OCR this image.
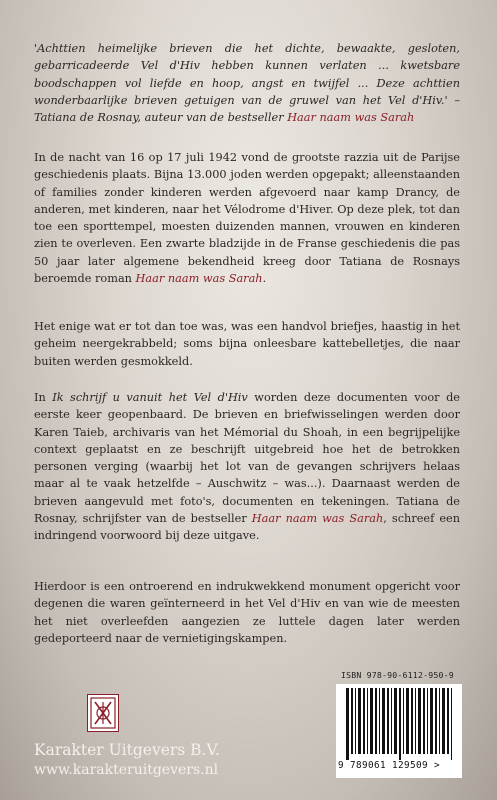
'Achttien heimelijke brieven die het dichte, bewaakte, gesloten, gebarricadeerde Vel d'Hiv hebben kunnen verlaten ... kwetsbare boodschappen vol liefde en hoop, angst en twijfel ... Deze achttien wonderbaarlijke brieven getuigen van de gruwel van het Vel d'Hiv.' – Tatiana de Rosnay, auteur van de bestseller Haar naam was Sarah
In de nacht van 16 op 17 juli 1942 vond de grootste razzia uit de Parijse geschiedenis plaats. Bijna 13.000 joden werden opgepakt; alleenstaanden of families zonder kinderen werden afgevoerd naar kamp Drancy, de anderen, met kinderen, naar het Vélodrome d'Hiver. Op deze plek, tot dan toe een sporttempel, moesten duizenden mannen, vrouwen en kinderen zien te overleven. Een zwarte bladzijde in de Franse geschiedenis die pas 50 jaar later algemene bekendheid kreeg door Tatiana de Rosnays beroemde roman Haar naam was Sarah.
Het enige wat er tot dan toe was, was een handvol briefjes, haastig in het geheim neergekrabbeld; soms bijna onleesbare kattebelletjes, die naar buiten werden gesmokkeld.
In Ik schrijf u vanuit het Vel d'Hiv worden deze documenten voor de eerste keer geopenbaard. De brieven en briefwisselingen werden door Karen Taieb, archivaris van het Mémorial du Shoah, in een begrijpelijke context geplaatst en ze beschrijft uitgebreid hoe het de betrokken personen verging (waarbij het lot van de gevangen schrijvers helaas maar al te vaak hetzelfde – Auschwitz – was...). Daarnaast werden de brieven aangevuld met foto's, documenten en tekeningen. Tatiana de Rosnay, schrijfster van de bestseller Haar naam was Sarah, schreef een indringend voorwoord bij deze uitgave.
Hierdoor is een ontroerend en indrukwekkend monument opgericht voor degenen die waren geïnterneerd in het Vel d'Hiv en van wie de meesten het niet overleefden aangezien ze luttele dagen later werden gedeporteerd naar de vernietigingskampen.
Karakter Uitgevers B.V.
www.karakteruitgevers.nl
ISBN 978-90-6112-950-9
9 789061 129509 >
